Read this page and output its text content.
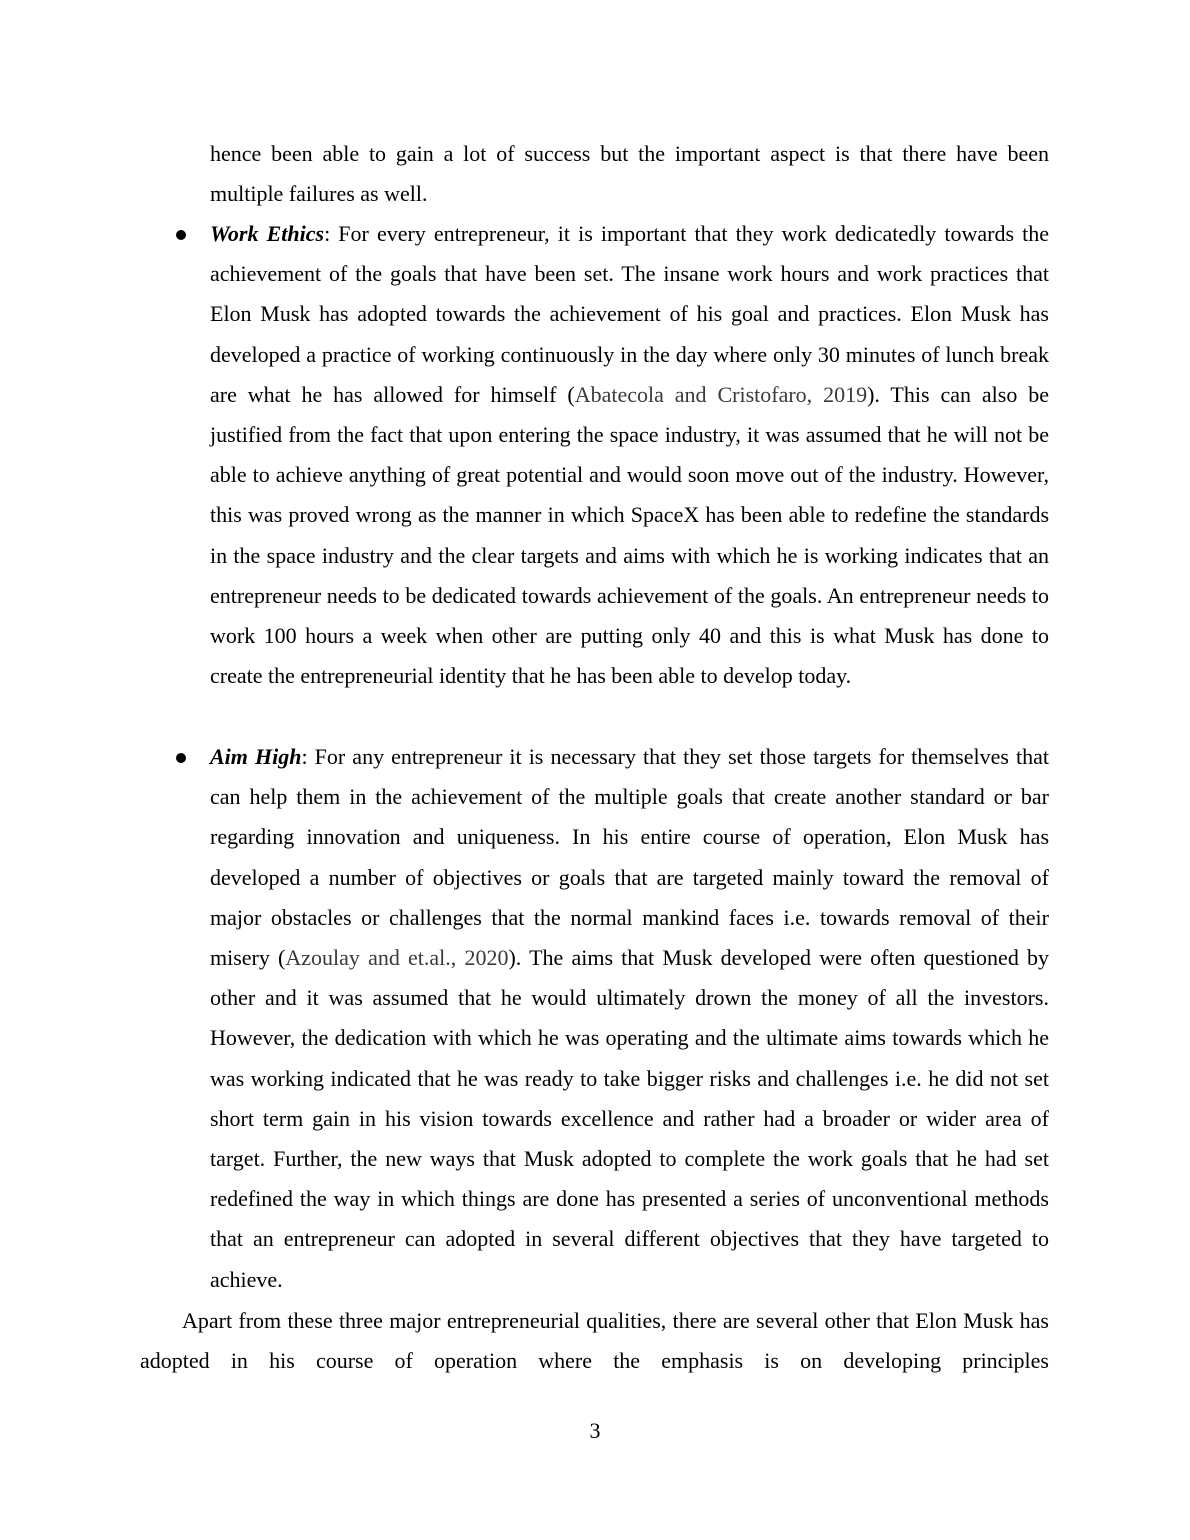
hence been able to gain a lot of success but the important aspect is that there have been multiple failures as well.

Work Ethics: For every entrepreneur, it is important that they work dedicatedly towards the achievement of the goals that have been set. The insane work hours and work practices that Elon Musk has adopted towards the achievement of his goal and practices. Elon Musk has developed a practice of working continuously in the day where only 30 minutes of lunch break are what he has allowed for himself (Abatecola and Cristofaro, 2019). This can also be justified from the fact that upon entering the space industry, it was assumed that he will not be able to achieve anything of great potential and would soon move out of the industry. However, this was proved wrong as the manner in which SpaceX has been able to redefine the standards in the space industry and the clear targets and aims with which he is working indicates that an entrepreneur needs to be dedicated towards achievement of the goals. An entrepreneur needs to work 100 hours a week when other are putting only 40 and this is what Musk has done to create the entrepreneurial identity that he has been able to develop today.

Aim High: For any entrepreneur it is necessary that they set those targets for themselves that can help them in the achievement of the multiple goals that create another standard or bar regarding innovation and uniqueness. In his entire course of operation, Elon Musk has developed a number of objectives or goals that are targeted mainly toward the removal of major obstacles or challenges that the normal mankind faces i.e. towards removal of their misery (Azoulay and et.al., 2020). The aims that Musk developed were often questioned by other and it was assumed that he would ultimately drown the money of all the investors. However, the dedication with which he was operating and the ultimate aims towards which he was working indicated that he was ready to take bigger risks and challenges i.e. he did not set short term gain in his vision towards excellence and rather had a broader or wider area of target. Further, the new ways that Musk adopted to complete the work goals that he had set redefined the way in which things are done has presented a series of unconventional methods that an entrepreneur can adopted in several different objectives that they have targeted to achieve.

Apart from these three major entrepreneurial qualities, there are several other that Elon Musk has adopted in his course of operation where the emphasis is on developing principles

3
